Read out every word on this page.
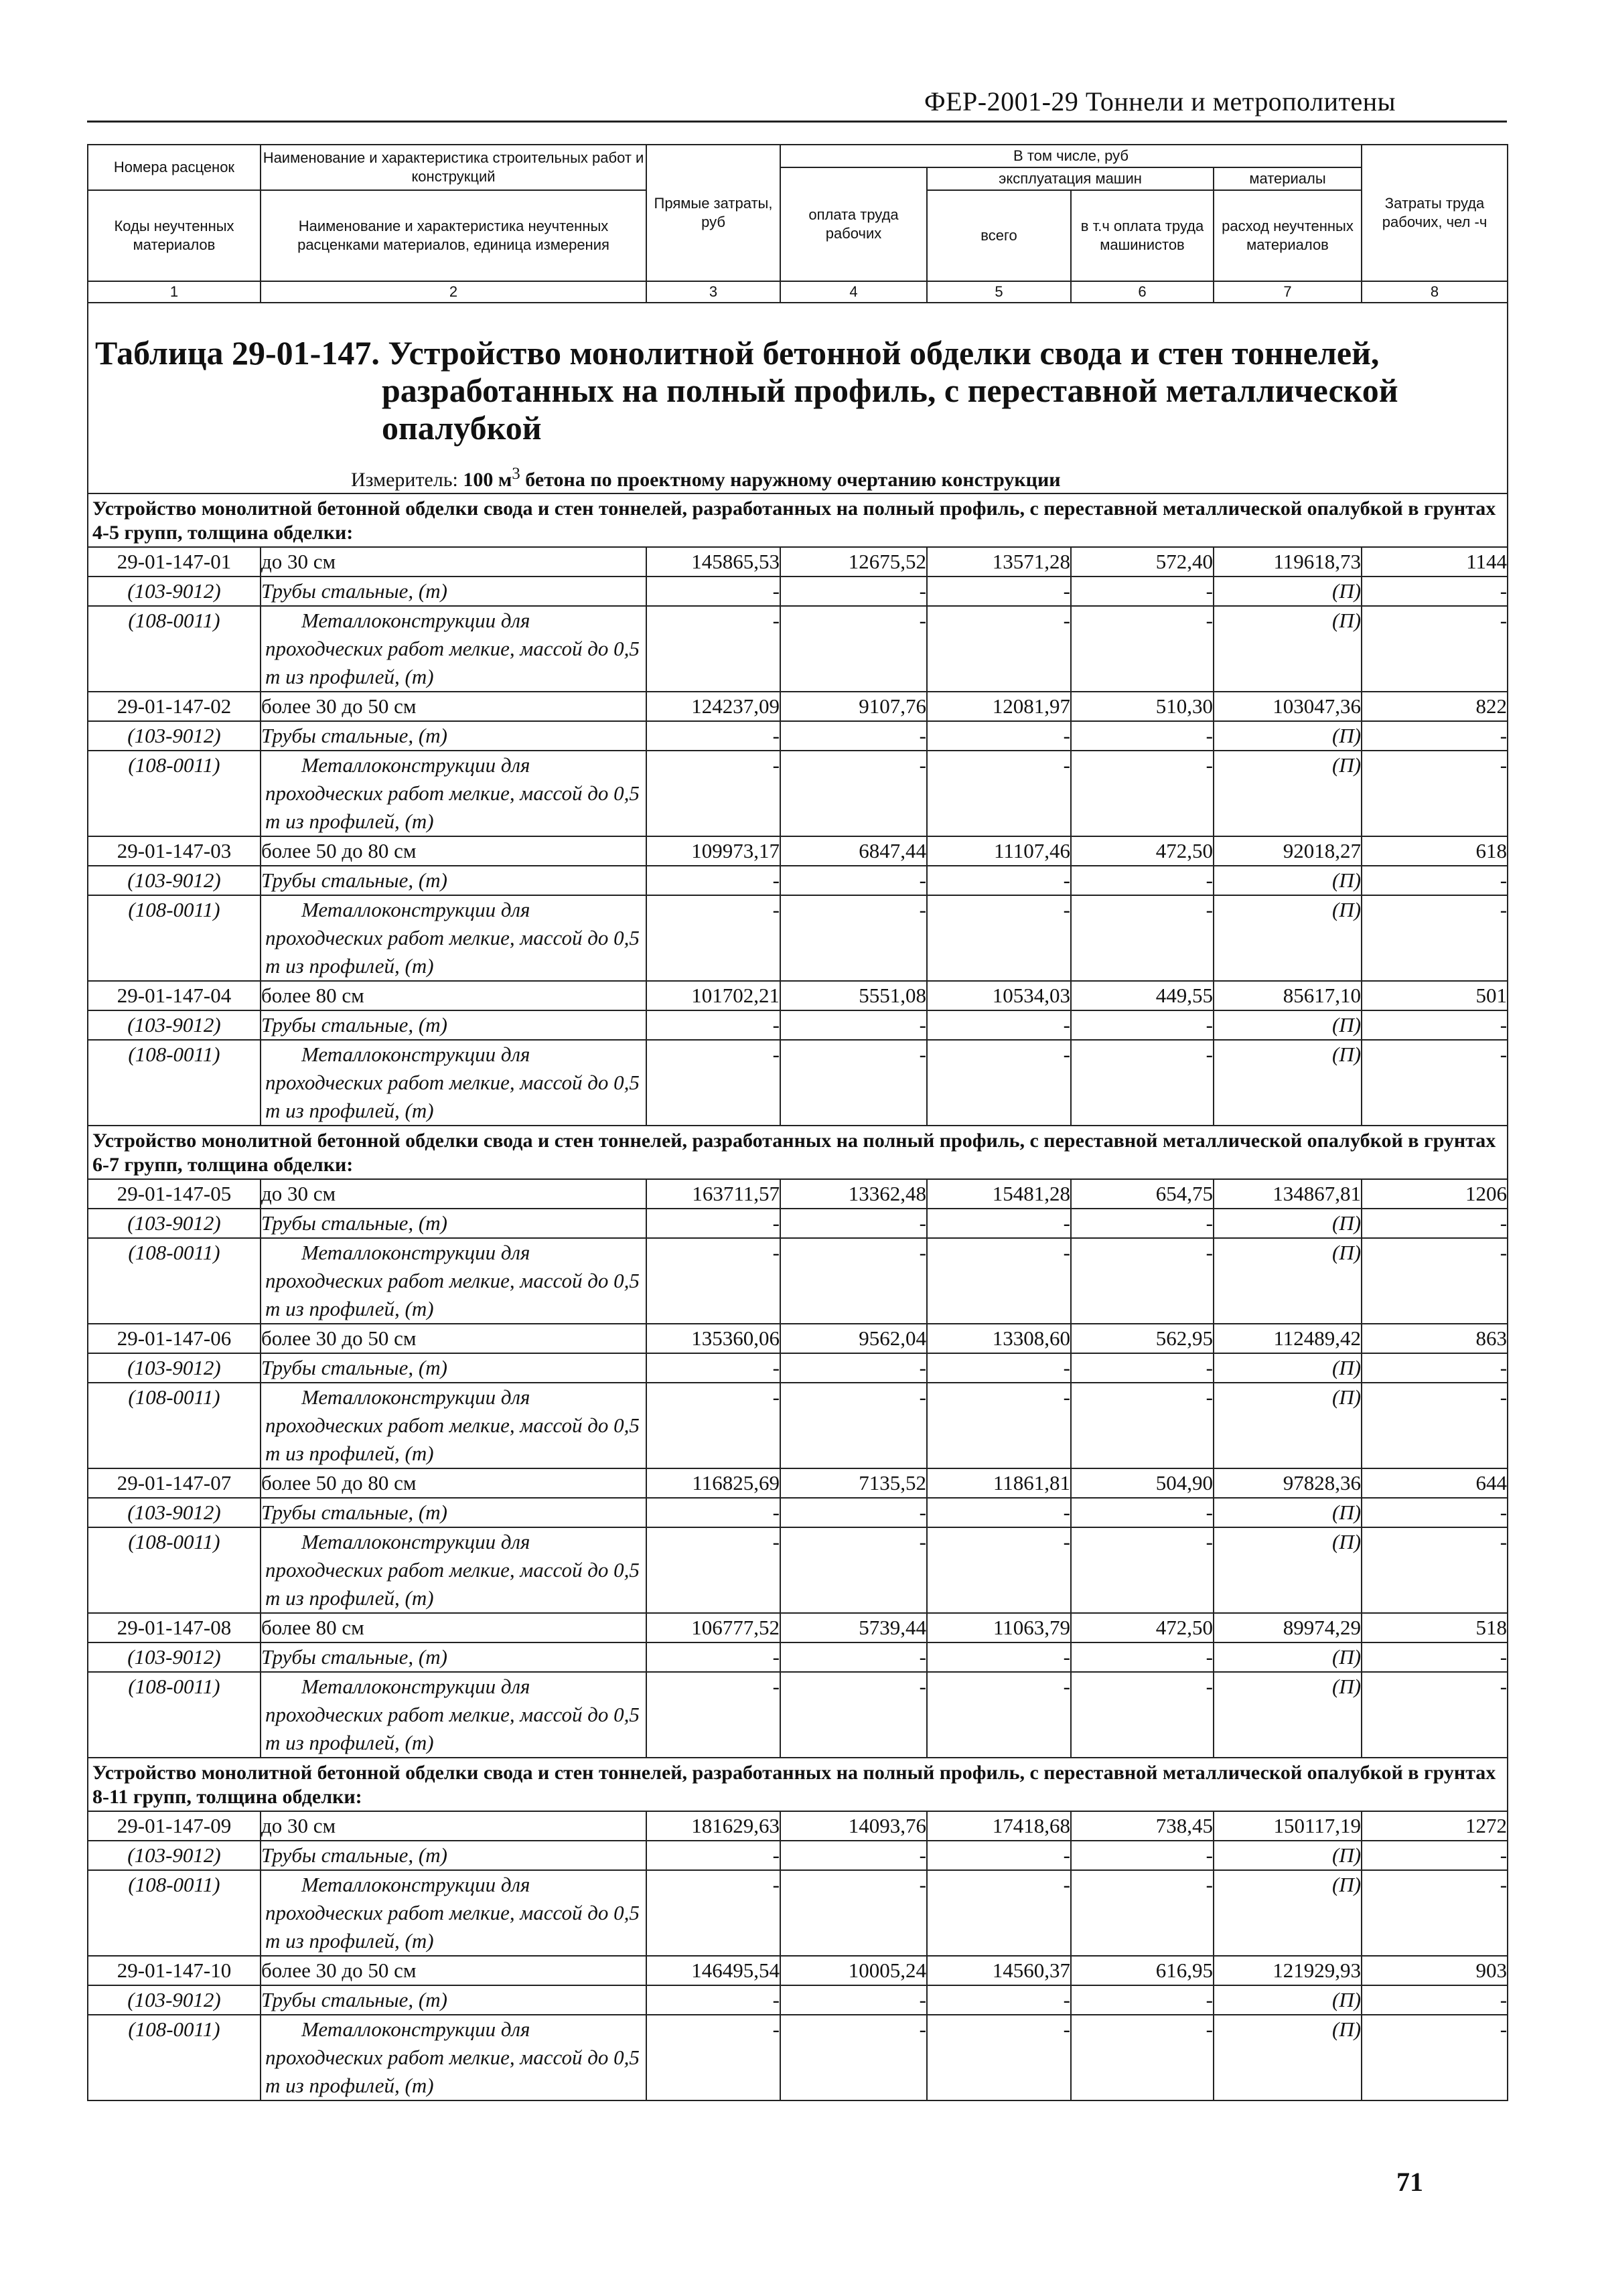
ФЕР-2001-29 Тоннели и метрополитены
Номера расценок	Наименование и характеристика строительных работ и конструкций	Прямые затраты, руб	В том числе, руб				Затраты труда рабочих, чел -ч
			оплата труда рабочих	эксплуатация машин		материалы	
Коды неучтенных материалов	Наименование и характеристика неучтенных расценками материалов, единица измерения			всего	в т.ч оплата труда машинистов	расход неучтенных материалов	
1	2	3	4	5	6	7	8

Таблица 29-01-147. Устройство монолитной бетонной обделки свода и стен тоннелей,
разработанных на полный профиль, с переставной металлической
опалубкой
Измеритель: 100 $м^3$ бетона по проектному наружному очертанию конструкции							

Устройство монолитной бетонной обделки свода и стен тоннелей, разработанных на полный профиль, с переставной металлической опалубкой в грунтах 4-5 групп, толщина обделки:							

29-01-147-01	до 30 см	145865,53	12675,52	13571,28	572,40	119618,73	1144
(103-9012)	Трубы стальные, (т)	-	-	-	-	(П)	-
(108-0011)	Металлоконструкции для проходческих работ мелкие, массой до 0,5 т из профилей, (т)	-	-	-	-	(П)	-
29-01-147-02	более 30 до 50 см	124237,09	9107,76	12081,97	510,30	103047,36	822
(103-9012)	Трубы стальные, (т)	-	-	-	-	(П)	-
(108-0011)	Металлоконструкции для проходческих работ мелкие, массой до 0,5 т из профилей, (т)	-	-	-	-	(П)	-
29-01-147-03	более 50 до 80 см	109973,17	6847,44	11107,46	472,50	92018,27	618
(103-9012)	Трубы стальные, (т)	-	-	-	-	(П)	-
(108-0011)	Металлоконструкции для проходческих работ мелкие, массой до 0,5 т из профилей, (т)	-	-	-	-	(П)	-
29-01-147-04	более 80 см	101702,21	5551,08	10534,03	449,55	85617,10	501
(103-9012)	Трубы стальные, (т)	-	-	-	-	(П)	-
(108-0011)	Металлоконструкции для проходческих работ мелкие, массой до 0,5 т из профилей, (т)	-	-	-	-	(П)	-

Устройство монолитной бетонной обделки свода и стен тоннелей, разработанных на полный профиль, с переставной металлической опалубкой в грунтах 6-7 групп, толщина обделки:							

29-01-147-05	до 30 см	163711,57	13362,48	15481,28	654,75	134867,81	1206
(103-9012)	Трубы стальные, (т)	-	-	-	-	(П)	-
(108-0011)	Металлоконструкции для проходческих работ мелкие, массой до 0,5 т из профилей, (т)	-	-	-	-	(П)	-
29-01-147-06	более 30 до 50 см	135360,06	9562,04	13308,60	562,95	112489,42	863
(103-9012)	Трубы стальные, (т)	-	-	-	-	(П)	-
(108-0011)	Металлоконструкции для проходческих работ мелкие, массой до 0,5 т из профилей, (т)	-	-	-	-	(П)	-
29-01-147-07	более 50 до 80 см	116825,69	7135,52	11861,81	504,90	97828,36	644
(103-9012)	Трубы стальные, (т)	-	-	-	-	(П)	-
(108-0011)	Металлоконструкции для проходческих работ мелкие, массой до 0,5 т из профилей, (т)	-	-	-	-	(П)	-
29-01-147-08	более 80 см	106777,52	5739,44	11063,79	472,50	89974,29	518
(103-9012)	Трубы стальные, (т)	-	-	-	-	(П)	-
(108-0011)	Металлоконструкции для проходческих работ мелкие, массой до 0,5 т из профилей, (т)	-	-	-	-	(П)	-

Устройство монолитной бетонной обделки свода и стен тоннелей, разработанных на полный профиль, с переставной металлической опалубкой в грунтах 8-11 групп, толщина обделки:							

29-01-147-09	до 30 см	181629,63	14093,76	17418,68	738,45	150117,19	1272
(103-9012)	Трубы стальные, (т)	-	-	-	-	(П)	-
(108-0011)	Металлоконструкции для проходческих работ мелкие, массой до 0,5 т из профилей, (т)	-	-	-	-	(П)	-
29-01-147-10	более 30 до 50 см	146495,54	10005,24	14560,37	616,95	121929,93	903
(103-9012)	Трубы стальные, (т)	-	-	-	-	(П)	-
(108-0011)	Металлоконструкции для проходческих работ мелкие, массой до 0,5 т из профилей, (т)	-	-	-	-	(П)	-
71
